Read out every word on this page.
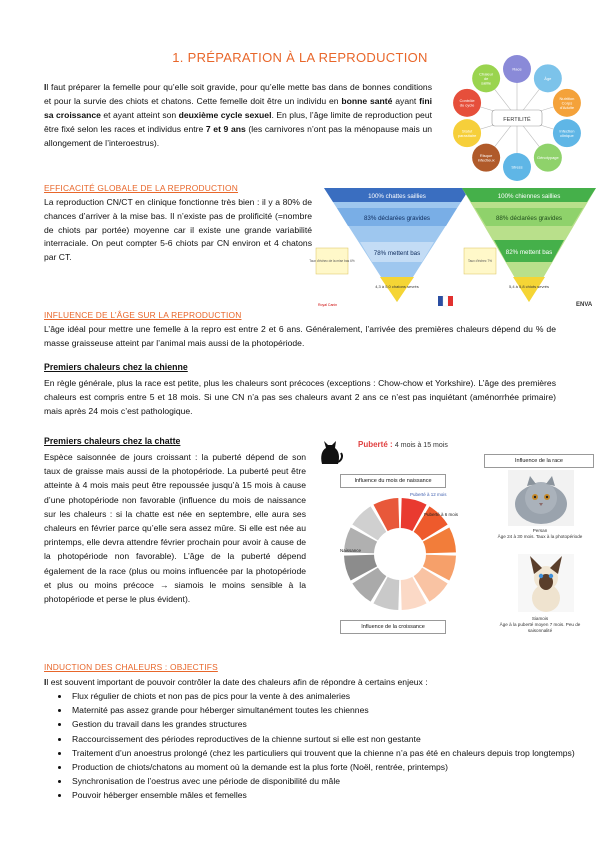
1. PRÉPARATION À LA REPRODUCTION
Il faut préparer la femelle pour qu’elle soit gravide, pour qu’elle mette bas dans de bonnes conditions et pour la survie des chiots et chatons. Cette femelle doit être un individu en bonne santé ayant fini sa croissance et ayant atteint son deuxième cycle sexuel. En plus, l’âge limite de reproduction peut être fixé selon les races et individus entre 7 et 9 ans (les carnivores n’ont pas la ménopause mais un allongement de l’interoestrus).
Race
Âge
Nutrition Corps d'Adulte
Infection clinique
Génotypage
Stress
Risque infectieux
Statut parasitaire
Contrôle du cycle
Chaleur de saillie
FERTILITÉ
EFFICACITÉ GLOBALE DE LA REPRODUCTION
La reproduction CN/CT en clinique fonctionne très bien : il y a 80% de chances d’arriver à la mise bas. Il n’existe pas de prolificité (=nombre de chiots par portée) moyenne car il existe une grande variabilité interraciale. On peut compter 5-6 chiots par CN environ et 4 chatons par CT.
100% chattes saillies
83% déclarées gravides
78% mettent bas
4,3 à 5,0 chatons sevrés
Taux d'échec de la mise bas 6%
100% chiennes saillies
88% déclarées gravides
82% mettent bas
5,4 à 5,8 chiots sevrés
Taux d'échec 7%
Royal Canin	ENVA
INFLUENCE DE L’ÂGE SUR LA REPRODUCTION
L’âge idéal pour mettre une femelle à la repro est entre 2 et 6 ans. Généralement, l’arrivée des premières chaleurs dépend du % de masse graisseuse atteint par l’animal mais aussi de la photopériode.
Premiers chaleurs chez la chienne
En règle générale, plus la race est petite, plus les chaleurs sont précoces (exceptions : Chow-chow et Yorkshire). L’âge des premières chaleurs est compris entre 5 et 18 mois. Si une CN n’a pas ses chaleurs avant 2 ans ce n’est pas inquiétant (aménorrhée primaire) mais après 24 mois c’est pathologique.
Premiers chaleurs chez la chatte
Espèce saisonnée de jours croissant : la puberté dépend de son taux de graisse mais aussi de la photopériode. La puberté peut être atteinte à 4 mois mais peut être repoussée jusqu’à 15 mois à cause d’une photopériode non favorable (influence du mois de naissance sur les chaleurs : si la chatte est née en septembre, elle aura ses chaleurs en février parce qu’elle sera assez mûre. Si elle est née au printemps, elle devra attendre février prochain pour avoir à cause de la photopériode non favorable). L’âge de la puberté dépend également de la race (plus ou moins influencée par la photopériode et plus ou moins précoce → siamois le moins sensible à la photopériode et perse le plus évident).
Puberté : 4 mois à 15 mois
Influence du mois de naissance
Puberté à 12 mois
Puberté à 6 mois
Naissance
Influence de la croissance
Influence de la race
Persan
Âge 24 à 30 mois. Taux à la photopériode
Siamois
Âge à la puberté moyen 7 mois. Peu de saisonnalité
INDUCTION DES CHALEURS : OBJECTIFS
Il est souvent important de pouvoir contrôler la date des chaleurs afin de répondre à certains enjeux :
• Flux régulier de chiots et non pas de pics pour la vente à des animaleries
• Maternité pas assez grande pour héberger simultanément toutes les chiennes
• Gestion du travail dans les grandes structures
• Raccourcissement des périodes reproductives de la chienne surtout si elle est non gestante
• Traitement d’un anoestrus prolongé (chez les particuliers qui trouvent que la chienne n’a pas été en chaleurs depuis trop longtemps)
• Production de chiots/chatons au moment où la demande est la plus forte (Noël, rentrée, printemps)
• Synchronisation de l’oestrus avec une période de disponibilité du mâle
• Pouvoir héberger ensemble mâles et femelles
